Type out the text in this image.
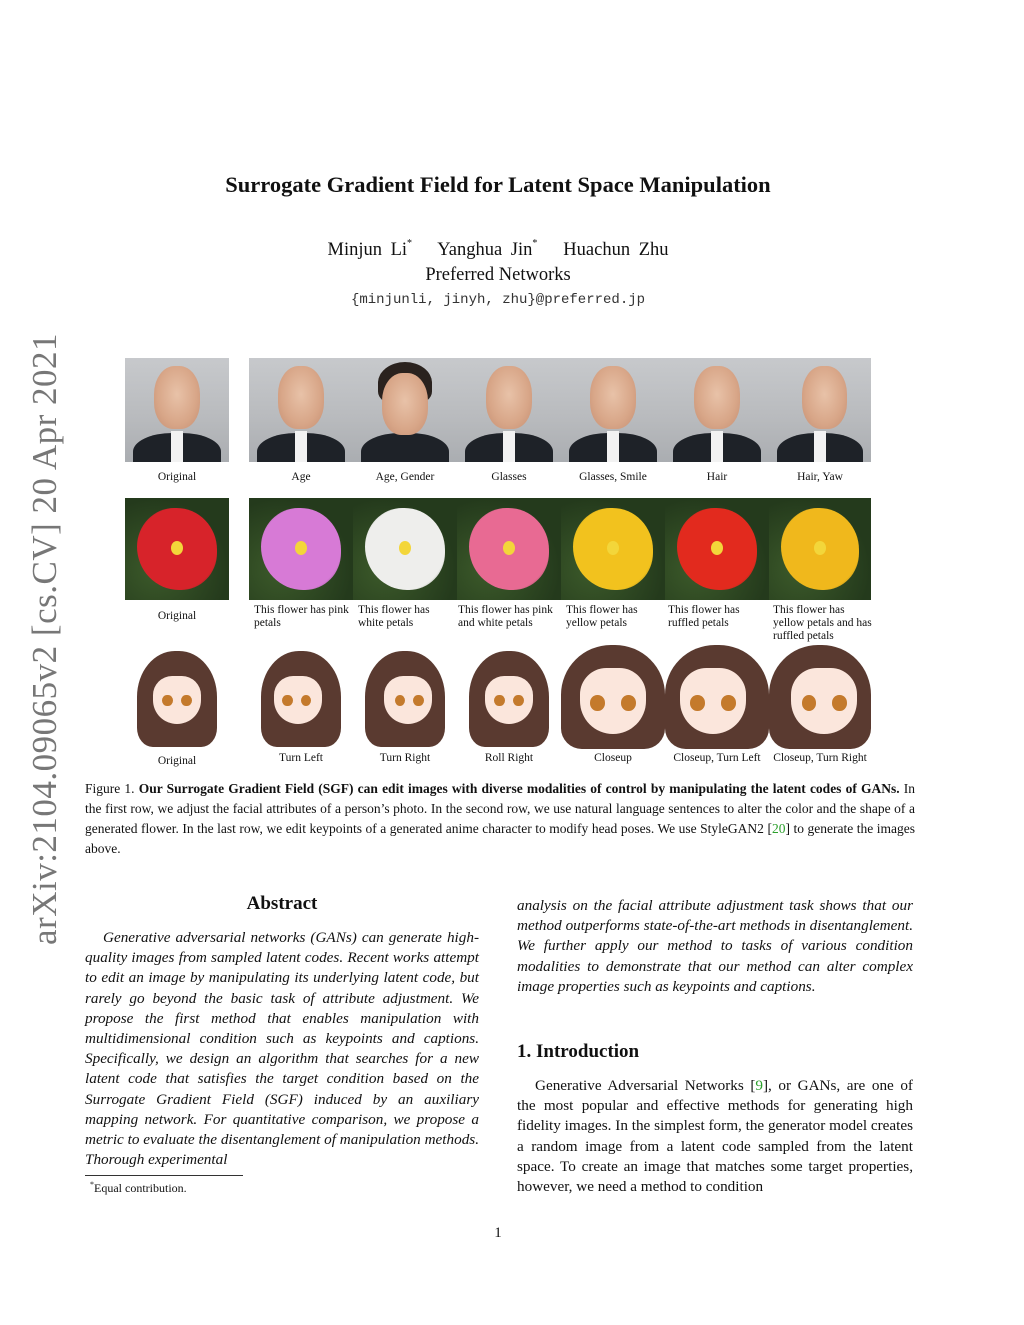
arXiv:2104.09065v2 [cs.CV] 20 Apr 2021
Surrogate Gradient Field for Latent Space Manipulation
Minjun Li* Yanghua Jin* Huachun Zhu
Preferred Networks
{minjunli, jinyh, zhu}@preferred.jp
Original	Age	Age, Gender	Glasses	Glasses, Smile	Hair	Hair, Yaw
Original	This flower has pink petals
This flower has white petals
This flower has pink and white petals
This flower has yellow petals
This flower has ruffled petals
This flower has yellow petals and has ruffled petals
Original	Turn Left	Turn Right	Roll Right	Closeup	Closeup, Turn Left	Closeup, Turn Right
Figure 1. Our Surrogate Gradient Field (SGF) can edit images with diverse modalities of control by manipulating the latent codes of GANs. In the first row, we adjust the facial attributes of a person’s photo. In the second row, we use natural language sentences to alter the color and the shape of a generated flower. In the last row, we edit keypoints of a generated anime character to modify head poses. We use StyleGAN2 [20] to generate the images above.
Abstract
Generative adversarial networks (GANs) can generate high-quality images from sampled latent codes. Recent works attempt to edit an image by manipulating its underlying latent code, but rarely go beyond the basic task of attribute adjustment. We propose the first method that enables manipulation with multidimensional condition such as keypoints and captions. Specifically, we design an algorithm that searches for a new latent code that satisfies the target condition based on the Surrogate Gradient Field (SGF) induced by an auxiliary mapping network. For quantitative comparison, we propose a metric to evaluate the disentanglement of manipulation methods. Thorough experimental
*Equal contribution.
analysis on the facial attribute adjustment task shows that our method outperforms state-of-the-art methods in disentanglement. We further apply our method to tasks of various condition modalities to demonstrate that our method can alter complex image properties such as keypoints and captions.
1. Introduction
Generative Adversarial Networks [9], or GANs, are one of the most popular and effective methods for generating high fidelity images. In the simplest form, the generator model creates a random image from a latent code sampled from the latent space. To create an image that matches some target properties, however, we need a method to condition
1
